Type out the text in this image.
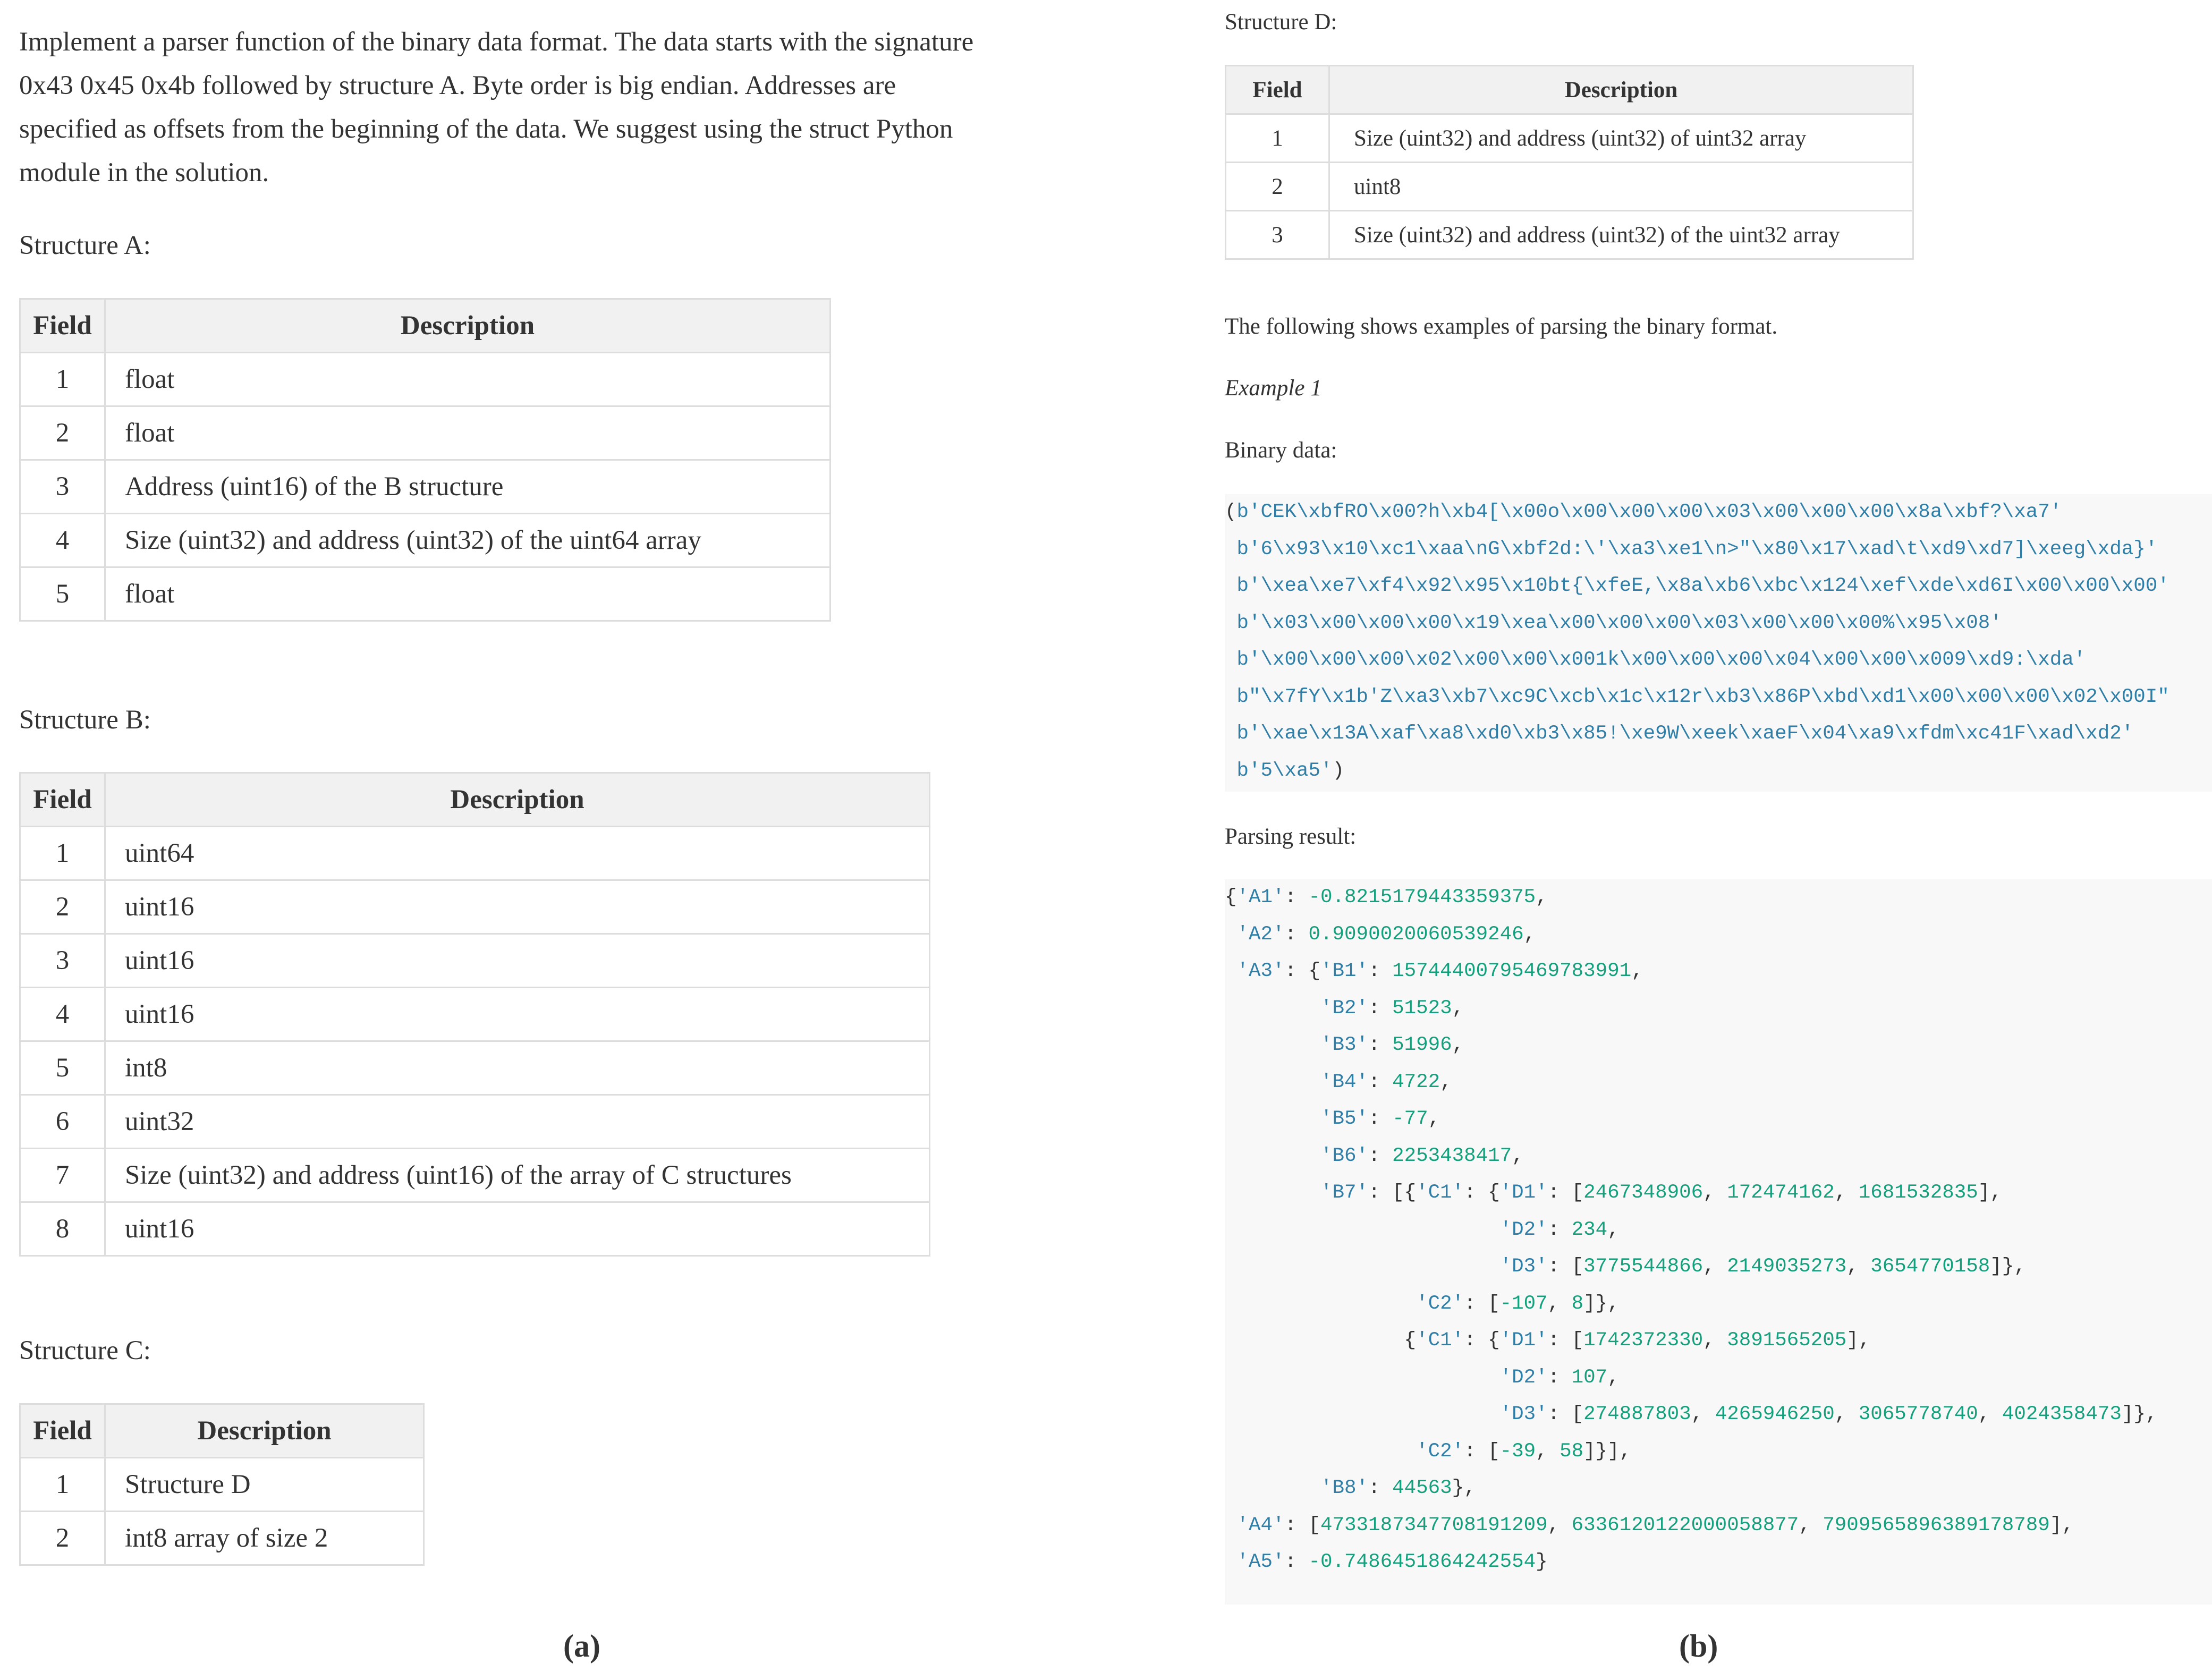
Implement a parser function of the binary data format. The data starts with the signature

0x43 0x45 0x4b followed by structure A. Byte order is big endian. Addresses are

specified as offsets from the beginning of the data. We suggest using the struct Python

module in the solution.

Structure A:

Field	Description
1	float
2	float
3	Address (uint16) of the B structure
4	Size (uint32) and address (uint32) of the uint64 array
5	float

Structure B:

Field	Description
1	uint64
2	uint16
3	uint16
4	uint16
5	int8
6	uint32
7	Size (uint32) and address (uint16) of the array of C structures
8	uint16

Structure C:

Field	Description
1	Structure D
2	int8 array of size 2

(a)

Structure D:

Field	Description
1	Size (uint32) and address (uint32) of uint32 array
2	uint8
3	Size (uint32) and address (uint32) of the uint32 array

The following shows examples of parsing the binary format.

Example 1

Binary data:

(b'CEK\xbfRO\x00?h\xb4[\x00o\x00\x00\x00\x03\x00\x00\x00\x8a\xbf?\xa7'
b'6\x93\x10\xc1\xaa\nG\xbf2d:\'\xa3\xe1\n>"\x80\x17\xad\t\xd9\xd7]\xeeg\xda}'
b'\xea\xe7\xf4\x92\x95\x10bt{\xfeE,\x8a\xb6\xbc\x124\xef\xde\xd6I\x00\x00\x00'
b'\x03\x00\x00\x00\x19\xea\x00\x00\x00\x03\x00\x00\x00%\x95\x08'
b'\x00\x00\x00\x02\x00\x00\x001k\x00\x00\x00\x04\x00\x00\x009\xd9:\xda'
b"\x7fY\x1b'Z\xa3\xb7\xc9C\xcb\x1c\x12r\xb3\x86P\xbd\xd1\x00\x00\x00\x02\x00I"
b'\xae\x13A\xaf\xa8\xd0\xb3\x85!\xe9W\xeek\xaeF\x04\xa9\xfdm\xc41F\xad\xd2'
b'5\xa5')

Parsing result:

{'A1': -0.8215179443359375,
'A2': 0.9090020060539246,
'A3': {'B1': 15744400795469783991,
'B2': 51523,
'B3': 51996,
'B4': 4722,
'B5': -77,
'B6': 2253438417,
'B7': [{'C1': {'D1': [2467348906, 172474162, 1681532835],
'D2': 234,
'D3': [3775544866, 2149035273, 3654770158]},
'C2': [-107, 8]},
{'C1': {'D1': [1742372330, 3891565205],
'D2': 107,
'D3': [274887803, 4265946250, 3065778740, 4024358473]},
'C2': [-39, 58]}],
'B8': 44563},
'A4': [4733187347708191209, 6336120122000058877, 7909565896389178789],
'A5': -0.7486451864242554}

(b)
